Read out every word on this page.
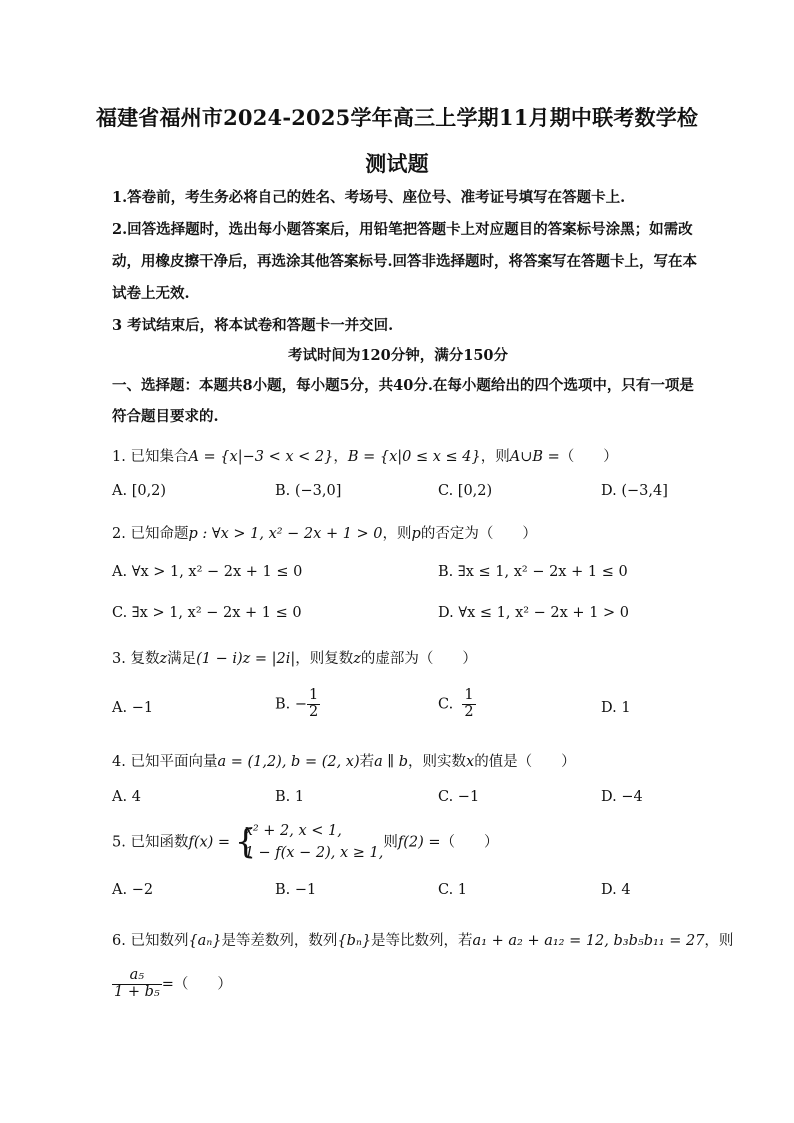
福建省福州市2024-2025学年高三上学期11月期中联考数学检
测试题
1.答卷前，考生务必将自己的姓名、考场号、座位号、准考证号填写在答题卡上.
2.回答选择题时，选出每小题答案后，用铅笔把答题卡上对应题目的答案标号涂黑；如需改
动，用橡皮擦干净后，再选涂其他答案标号.回答非选择题时，将答案写在答题卡上，写在本
试卷上无效.
3 考试结束后，将本试卷和答题卡一并交回.
考试时间为120分钟，满分150分
一、选择题：本题共8小题，每小题5分，共40分.在每小题给出的四个选项中，只有一项是
符合题目要求的.
1. 已知集合A = {x|−3 < x < 2}，B = {x|0 ≤ x ≤ 4}，则A∪B =（　　）
A. [0,2)	B. (−3,0]	C. [0,2)	D. (−3,4]
2. 已知命题p : ∀x > 1, x² − 2x + 1 > 0，则p的否定为（　　）
A. ∀x > 1, x² − 2x + 1 ≤ 0	B. ∃x ≤ 1, x² − 2x + 1 ≤ 0
C. ∃x > 1, x² − 2x + 1 ≤ 0	D. ∀x ≤ 1, x² − 2x + 1 > 0
3. 复数z满足(1 − i)z = |2i|，则复数z的虚部为（　　）
A. −1	B. − $\frac{1}{2}$	C. $\frac{1}{2}$	D. 1
4. 已知平面向量a = (1,2), b = (2, x)若a ∥ b，则实数x的值是（　　）
A. 4	B. 1	C. −1	D. −4
5. 已知函数f(x) = {
x² + 2, x < 1,
1 − f(x − 2), x ≥ 1,
则f(2) =（　　）
A. −2	B. −1	C. 1	D. 4
6. 已知数列{aₙ}是等差数列，数列{bₙ}是等比数列，若a₁ + a₂ + a₁₂ = 12, b₃b₅b₁₁ = 27，则
$\frac{\text{a₅}}{\text{1 + b₅}}$ =（　　）
